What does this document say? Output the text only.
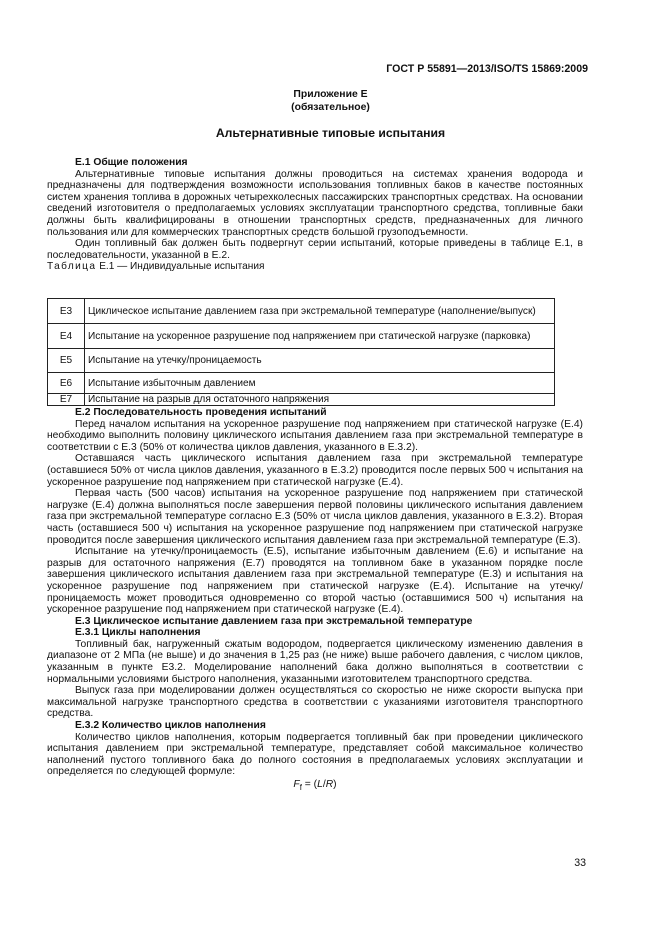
ГОСТ Р 55891—2013/ISO/TS 15869:2009
Приложение Е
(обязательное)
Альтернативные типовые испытания

Е.1 Общие положения

Альтернативные типовые испытания должны проводиться на системах хранения водорода и предназначены для подтверждения возможности использования топливных баков в качестве постоянных систем хранения топлива в дорожных четырехколесных пассажирских транспортных средствах. На основании сведений изготовителя о предполагаемых условиях эксплуатации транспортного средства, топливные баки должны быть квалифицированы в отношении транспортных средств, предназначенных для личного пользования или для коммерческих транспортных средств большой грузоподъемности.

Один топливный бак должен быть подвергнут серии испытаний, которые приведены в таблице Е.1, в последовательности, указанной в Е.2.

Таблица Е.1 — Индивидуальные испытания
Е3	Циклическое испытание давлением газа при экстремальной температуре (наполнение/выпуск)
Е4	Испытание на ускоренное разрушение под напряжением при статической нагрузке (парковка)
Е5	Испытание на утечку/проницаемость
Е6	Испытание избыточным давлением
Е7	Испытание на разрыв для остаточного напряжения

Е.2 Последовательность проведения испытаний

Перед началом испытания на ускоренное разрушение под напряжением при статической нагрузке (Е.4) необходимо выполнить половину циклического испытания давлением газа при экстремальной температуре в соответствии с Е.3 (50% от количества циклов давления, указанного в Е.3.2).

Оставшаяся часть циклического испытания давлением газа при экстремальной температуре (оставшиеся 50% от числа циклов давления, указанного в Е.3.2) проводится после первых 500 ч испытания на ускоренное разрушение под напряжением при статической нагрузке (Е.4).

Первая часть (500 часов) испытания на ускоренное разрушение под напряжением при статической нагрузке (Е.4) должна выполняться после завершения первой половины циклического испытания давлением газа при экстремальной температуре согласно Е.3 (50% от числа циклов давления, указанного в Е.3.2). Вторая часть (оставшиеся 500 ч) испытания на ускоренное разрушение под напряжением при статической нагрузке проводится после завершения циклического испытания давлением газа при экстремальной температуре (Е.3).

Испытание на утечку/проницаемость (Е.5), испытание избыточным давлением (Е.6) и испытание на разрыв для остаточного напряжения (Е.7) проводятся на топливном баке в указанном порядке после завершения циклического испытания давлением газа при экстремальной температуре (Е.3) и испытания на ускоренное разрушение под напряжением при статической нагрузке (Е.4). Испытание на утечку/проницаемость может проводиться одновременно со второй частью (оставшимися 500 ч) испытания на ускоренное разрушение под напряжением при статической нагрузке (Е.4).

Е.3 Циклическое испытание давлением газа при экстремальной температуре

Е.3.1 Циклы наполнения

Топливный бак, нагруженный сжатым водородом, подвергается циклическому изменению давления в диапазоне от 2 МПа (не выше) и до значения в 1,25 раз (не ниже) выше рабочего давления, с числом циклов, указанным в пункте Е3.2. Моделирование наполнений бака должно выполняться в соответствии с нормальными условиями быстрого наполнения, указанными изготовителем транспортного средства.

Выпуск газа при моделировании должен осуществляться со скоростью не ниже скорости выпуска при максимальной нагрузке транспортного средства в соответствии с указаниями изготовителя транспортного средства.

Е.3.2 Количество циклов наполнения

Количество циклов наполнения, которым подвергается топливный бак при проведении циклического испытания давлением при экстремальной температуре, представляет собой максимальное количество наполнений пустого топливного бака до полного состояния в предполагаемых условиях эксплуатации и определяется по следующей формуле:

$F_f = (L/R)$
33
